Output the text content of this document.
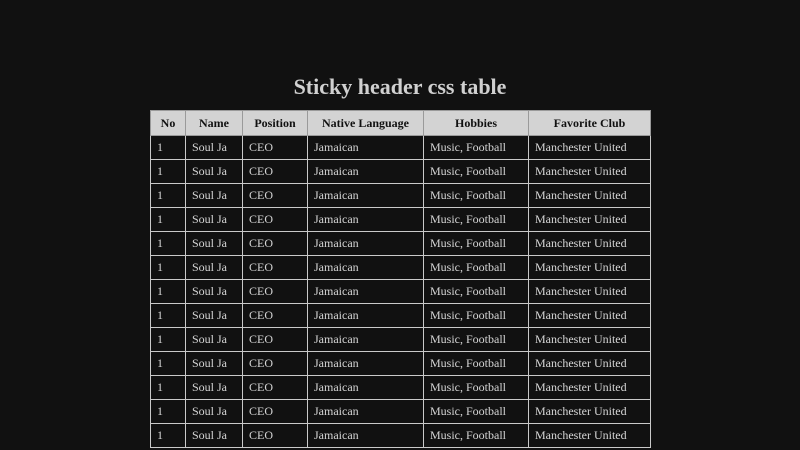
Sticky header css table
No	Name	Position	Native Language	Hobbies	Favorite Club
1	Soul Ja	CEO	Jamaican	Music, Football	Manchester United
1	Soul Ja	CEO	Jamaican	Music, Football	Manchester United
1	Soul Ja	CEO	Jamaican	Music, Football	Manchester United
1	Soul Ja	CEO	Jamaican	Music, Football	Manchester United
1	Soul Ja	CEO	Jamaican	Music, Football	Manchester United
1	Soul Ja	CEO	Jamaican	Music, Football	Manchester United
1	Soul Ja	CEO	Jamaican	Music, Football	Manchester United
1	Soul Ja	CEO	Jamaican	Music, Football	Manchester United
1	Soul Ja	CEO	Jamaican	Music, Football	Manchester United
1	Soul Ja	CEO	Jamaican	Music, Football	Manchester United
1	Soul Ja	CEO	Jamaican	Music, Football	Manchester United
1	Soul Ja	CEO	Jamaican	Music, Football	Manchester United
1	Soul Ja	CEO	Jamaican	Music, Football	Manchester United
